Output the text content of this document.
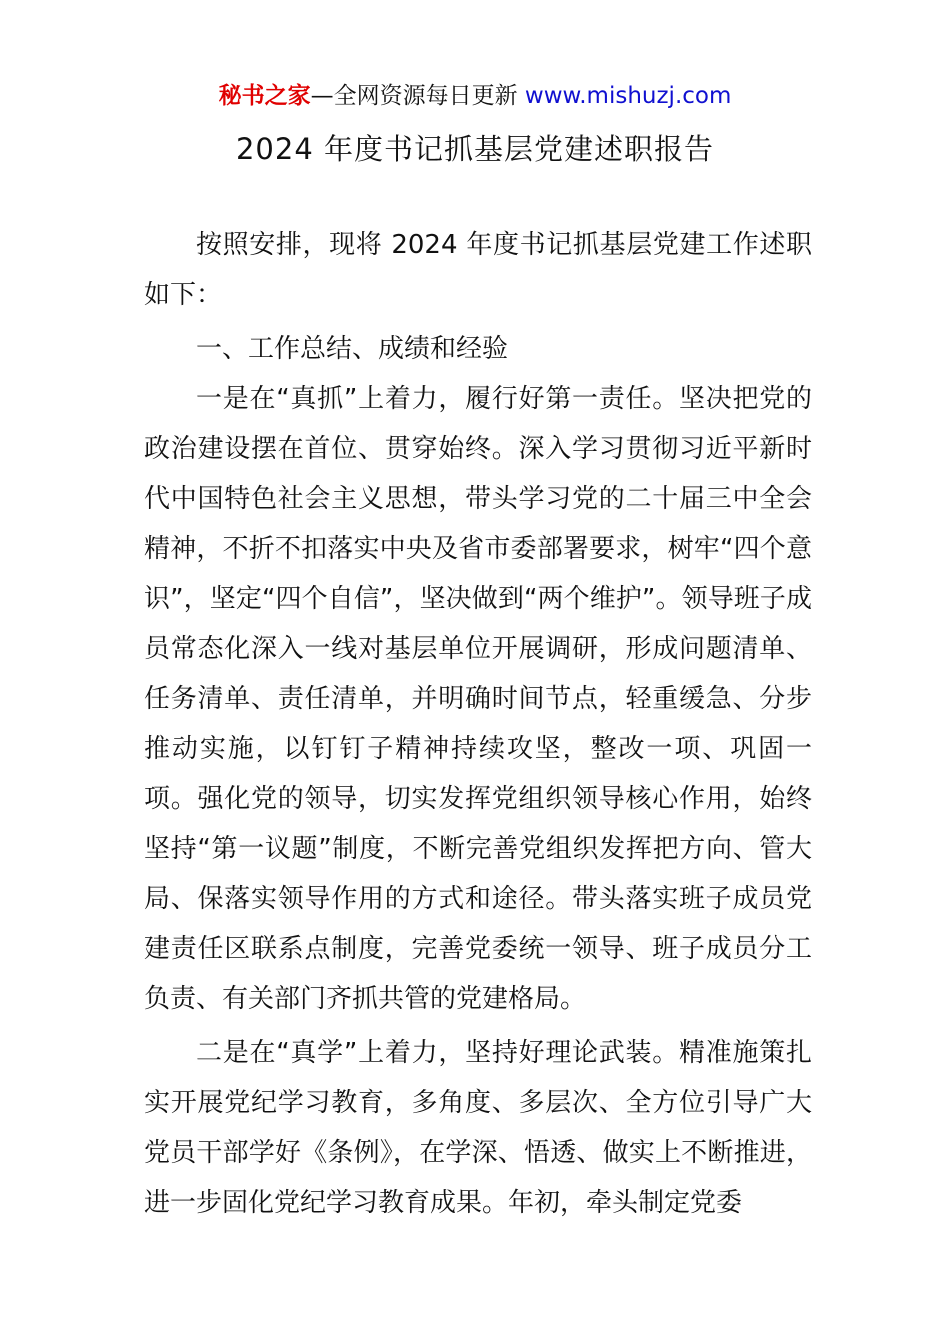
秘书之家—全网资源每日更新 www.mishuzj.com
2024 年度书记抓基层党建述职报告

按照安排，现将 2024 年度书记抓基层党建工作述职如下：

一、工作总结、成绩和经验

一是在“真抓”上着力，履行好第一责任。坚决把党的政治建设摆在首位、贯穿始终。深入学习贯彻习近平新时代中国特色社会主义思想，带头学习党的二十届三中全会精神，不折不扣落实中央及省市委部署要求，树牢“四个意识”，坚定“四个自信”，坚决做到“两个维护”。领导班子成员常态化深入一线对基层单位开展调研，形成问题清单、任务清单、责任清单，并明确时间节点，轻重缓急、分步推动实施，以钉钉子精神持续攻坚，整改一项、巩固一项。强化党的领导，切实发挥党组织领导核心作用，始终坚持“第一议题”制度，不断完善党组织发挥把方向、管大局、保落实领导作用的方式和途径。带头落实班子成员党建责任区联系点制度，完善党委统一领导、班子成员分工负责、有关部门齐抓共管的党建格局。

二是在“真学”上着力，坚持好理论武装。精准施策扎实开展党纪学习教育，多角度、多层次、全方位引导广大党员干部学好《条例》，在学深、悟透、做实上不断推进，进一步固化党纪学习教育成果。年初，牵头制定党委
